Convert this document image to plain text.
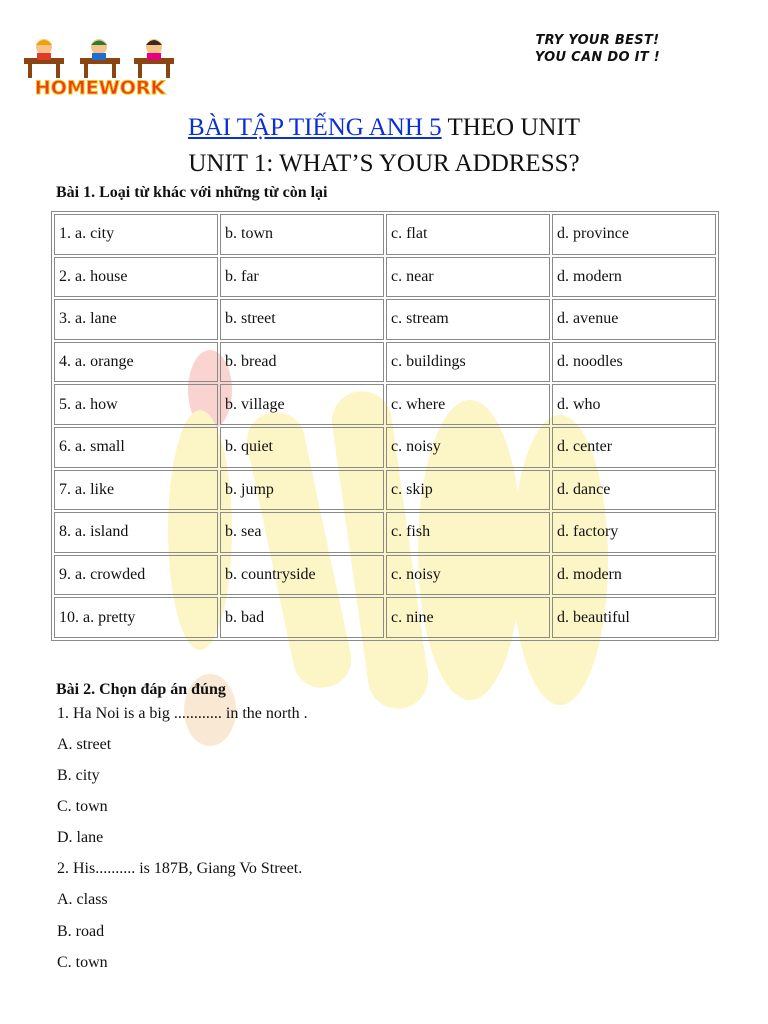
HOMEWORK
TRY YOUR BEST!
YOU CAN DO IT !
BÀI TẬP TIẾNG ANH 5 THEO UNIT
UNIT 1: WHAT’S YOUR ADDRESS?
Bài 1. Loại từ khác với những từ còn lại
1. a. city	b. town	c. flat	d. province
2. a. house	b. far	c. near	d. modern
3. a. lane	b. street	c. stream	d. avenue
4. a. orange	b. bread	c. buildings	d. noodles
5. a. how	b. village	c. where	d. who
6. a. small	b. quiet	c. noisy	d. center
7. a. like	b. jump	c. skip	d. dance
8. a. island	b. sea	c. fish	d. factory
9. a. crowded	b. countryside	c. noisy	d. modern
10. a. pretty	b. bad	c. nine	d. beautiful
Bài 2. Chọn đáp án đúng
1. Ha Noi is a big ............ in the north .
A. street
B. city
C. town
D. lane
2. His.......... is 187B, Giang Vo Street.
A. class
B. road
C. town
